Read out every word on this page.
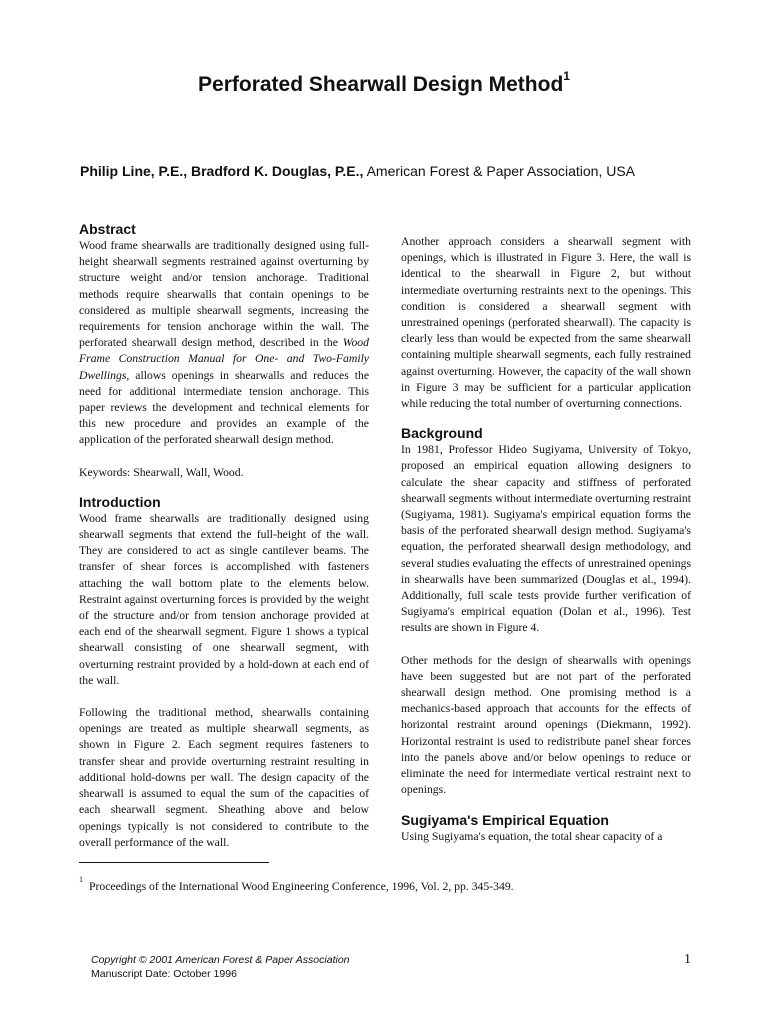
Perforated Shearwall Design Method$^1$
Philip Line, P.E., Bradford K. Douglas, P.E., American Forest & Paper Association, USA
Abstract

Wood frame shearwalls are traditionally designed using full-height shearwall segments restrained against overturning by structure weight and/or tension anchorage. Traditional methods require shearwalls that contain openings to be considered as multiple shearwall segments, increasing the requirements for tension anchorage within the wall. The perforated shearwall design method, described in the Wood Frame Construction Manual for One- and Two-Family Dwellings, allows openings in shearwalls and reduces the need for additional intermediate tension anchorage. This paper reviews the development and technical elements for this new procedure and provides an example of the application of the perforated shearwall design method.

Keywords: Shearwall, Wall, Wood.

Introduction

Wood frame shearwalls are traditionally designed using shearwall segments that extend the full-height of the wall. They are considered to act as single cantilever beams. The transfer of shear forces is accomplished with fasteners attaching the wall bottom plate to the elements below. Restraint against overturning forces is provided by the weight of the structure and/or from tension anchorage provided at each end of the shearwall segment. Figure 1 shows a typical shearwall consisting of one shearwall segment, with overturning restraint provided by a hold-down at each end of the wall.

Following the traditional method, shearwalls containing openings are treated as multiple shearwall segments, as shown in Figure 2. Each segment requires fasteners to transfer shear and provide overturning restraint resulting in additional hold-downs per wall. The design capacity of the shearwall is assumed to equal the sum of the capacities of each shearwall segment. Sheathing above and below openings typically is not considered to contribute to the overall performance of the wall.

Another approach considers a shearwall segment with openings, which is illustrated in Figure 3. Here, the wall is identical to the shearwall in Figure 2, but without intermediate overturning restraints next to the openings. This condition is considered a shearwall segment with unrestrained openings (perforated shearwall). The capacity is clearly less than would be expected from the same shearwall containing multiple shearwall segments, each fully restrained against overturning. However, the capacity of the wall shown in Figure 3 may be sufficient for a particular application while reducing the total number of overturning connections.

Background

In 1981, Professor Hideo Sugiyama, University of Tokyo, proposed an empirical equation allowing designers to calculate the shear capacity and stiffness of perforated shearwall segments without intermediate overturning restraint (Sugiyama, 1981). Sugiyama's empirical equation forms the basis of the perforated shearwall design method. Sugiyama's equation, the perforated shearwall design methodology, and several studies evaluating the effects of unrestrained openings in shearwalls have been summarized (Douglas et al., 1994). Additionally, full scale tests provide further verification of Sugiyama's empirical equation (Dolan et al., 1996). Test results are shown in Figure 4.

Other methods for the design of shearwalls with openings have been suggested but are not part of the perforated shearwall design method. One promising method is a mechanics-based approach that accounts for the effects of horizontal restraint around openings (Diekmann, 1992). Horizontal restraint is used to redistribute panel shear forces into the panels above and/or below openings to reduce or eliminate the need for intermediate vertical restraint next to openings.

Sugiyama's Empirical Equation

Using Sugiyama's equation, the total shear capacity of a

$^1$Proceedings of the International Wood Engineering Conference, 1996, Vol. 2, pp. 345-349.
Copyright © 2001 American Forest & Paper Association
Manuscript Date: October 1996
1
